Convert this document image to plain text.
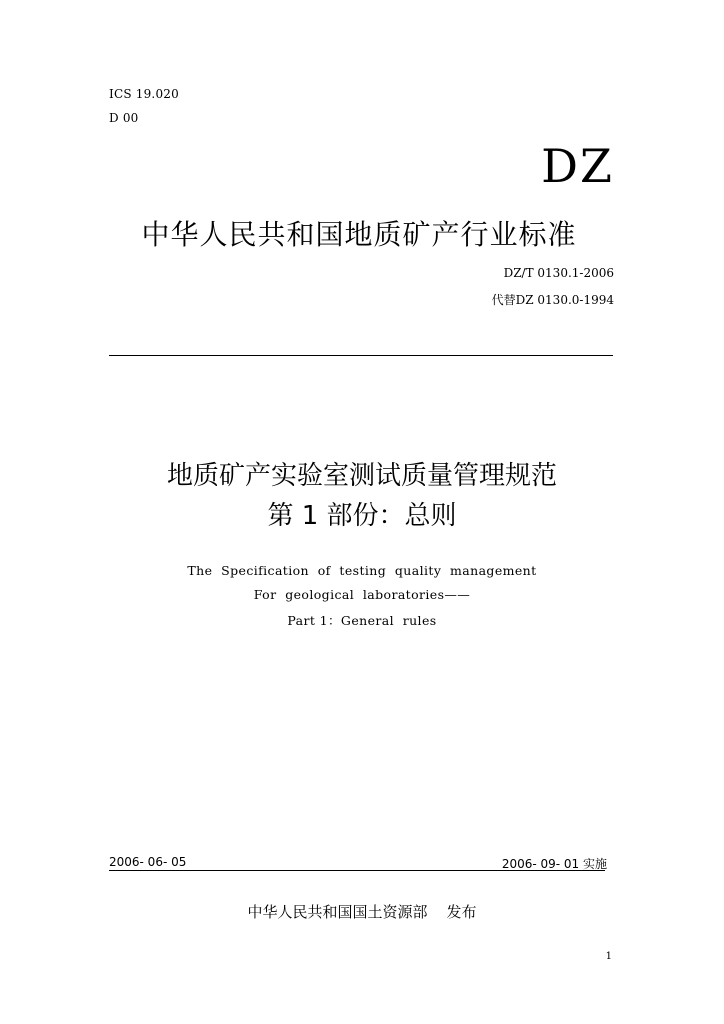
ICS 19.020
D 00
DZ
中华人民共和国地质矿产行业标准
DZ/T 0130.1-2006
代替DZ 0130.0-1994
地质矿产实验室测试质量管理规范
第 1 部份：总则
The  Specification  of  testing  quality  management
For  geological  laboratories——
Part 1：General  rules
2006- 06- 05	2006- 09- 01 实施
中华人民共和国国土资源部    发布
1
